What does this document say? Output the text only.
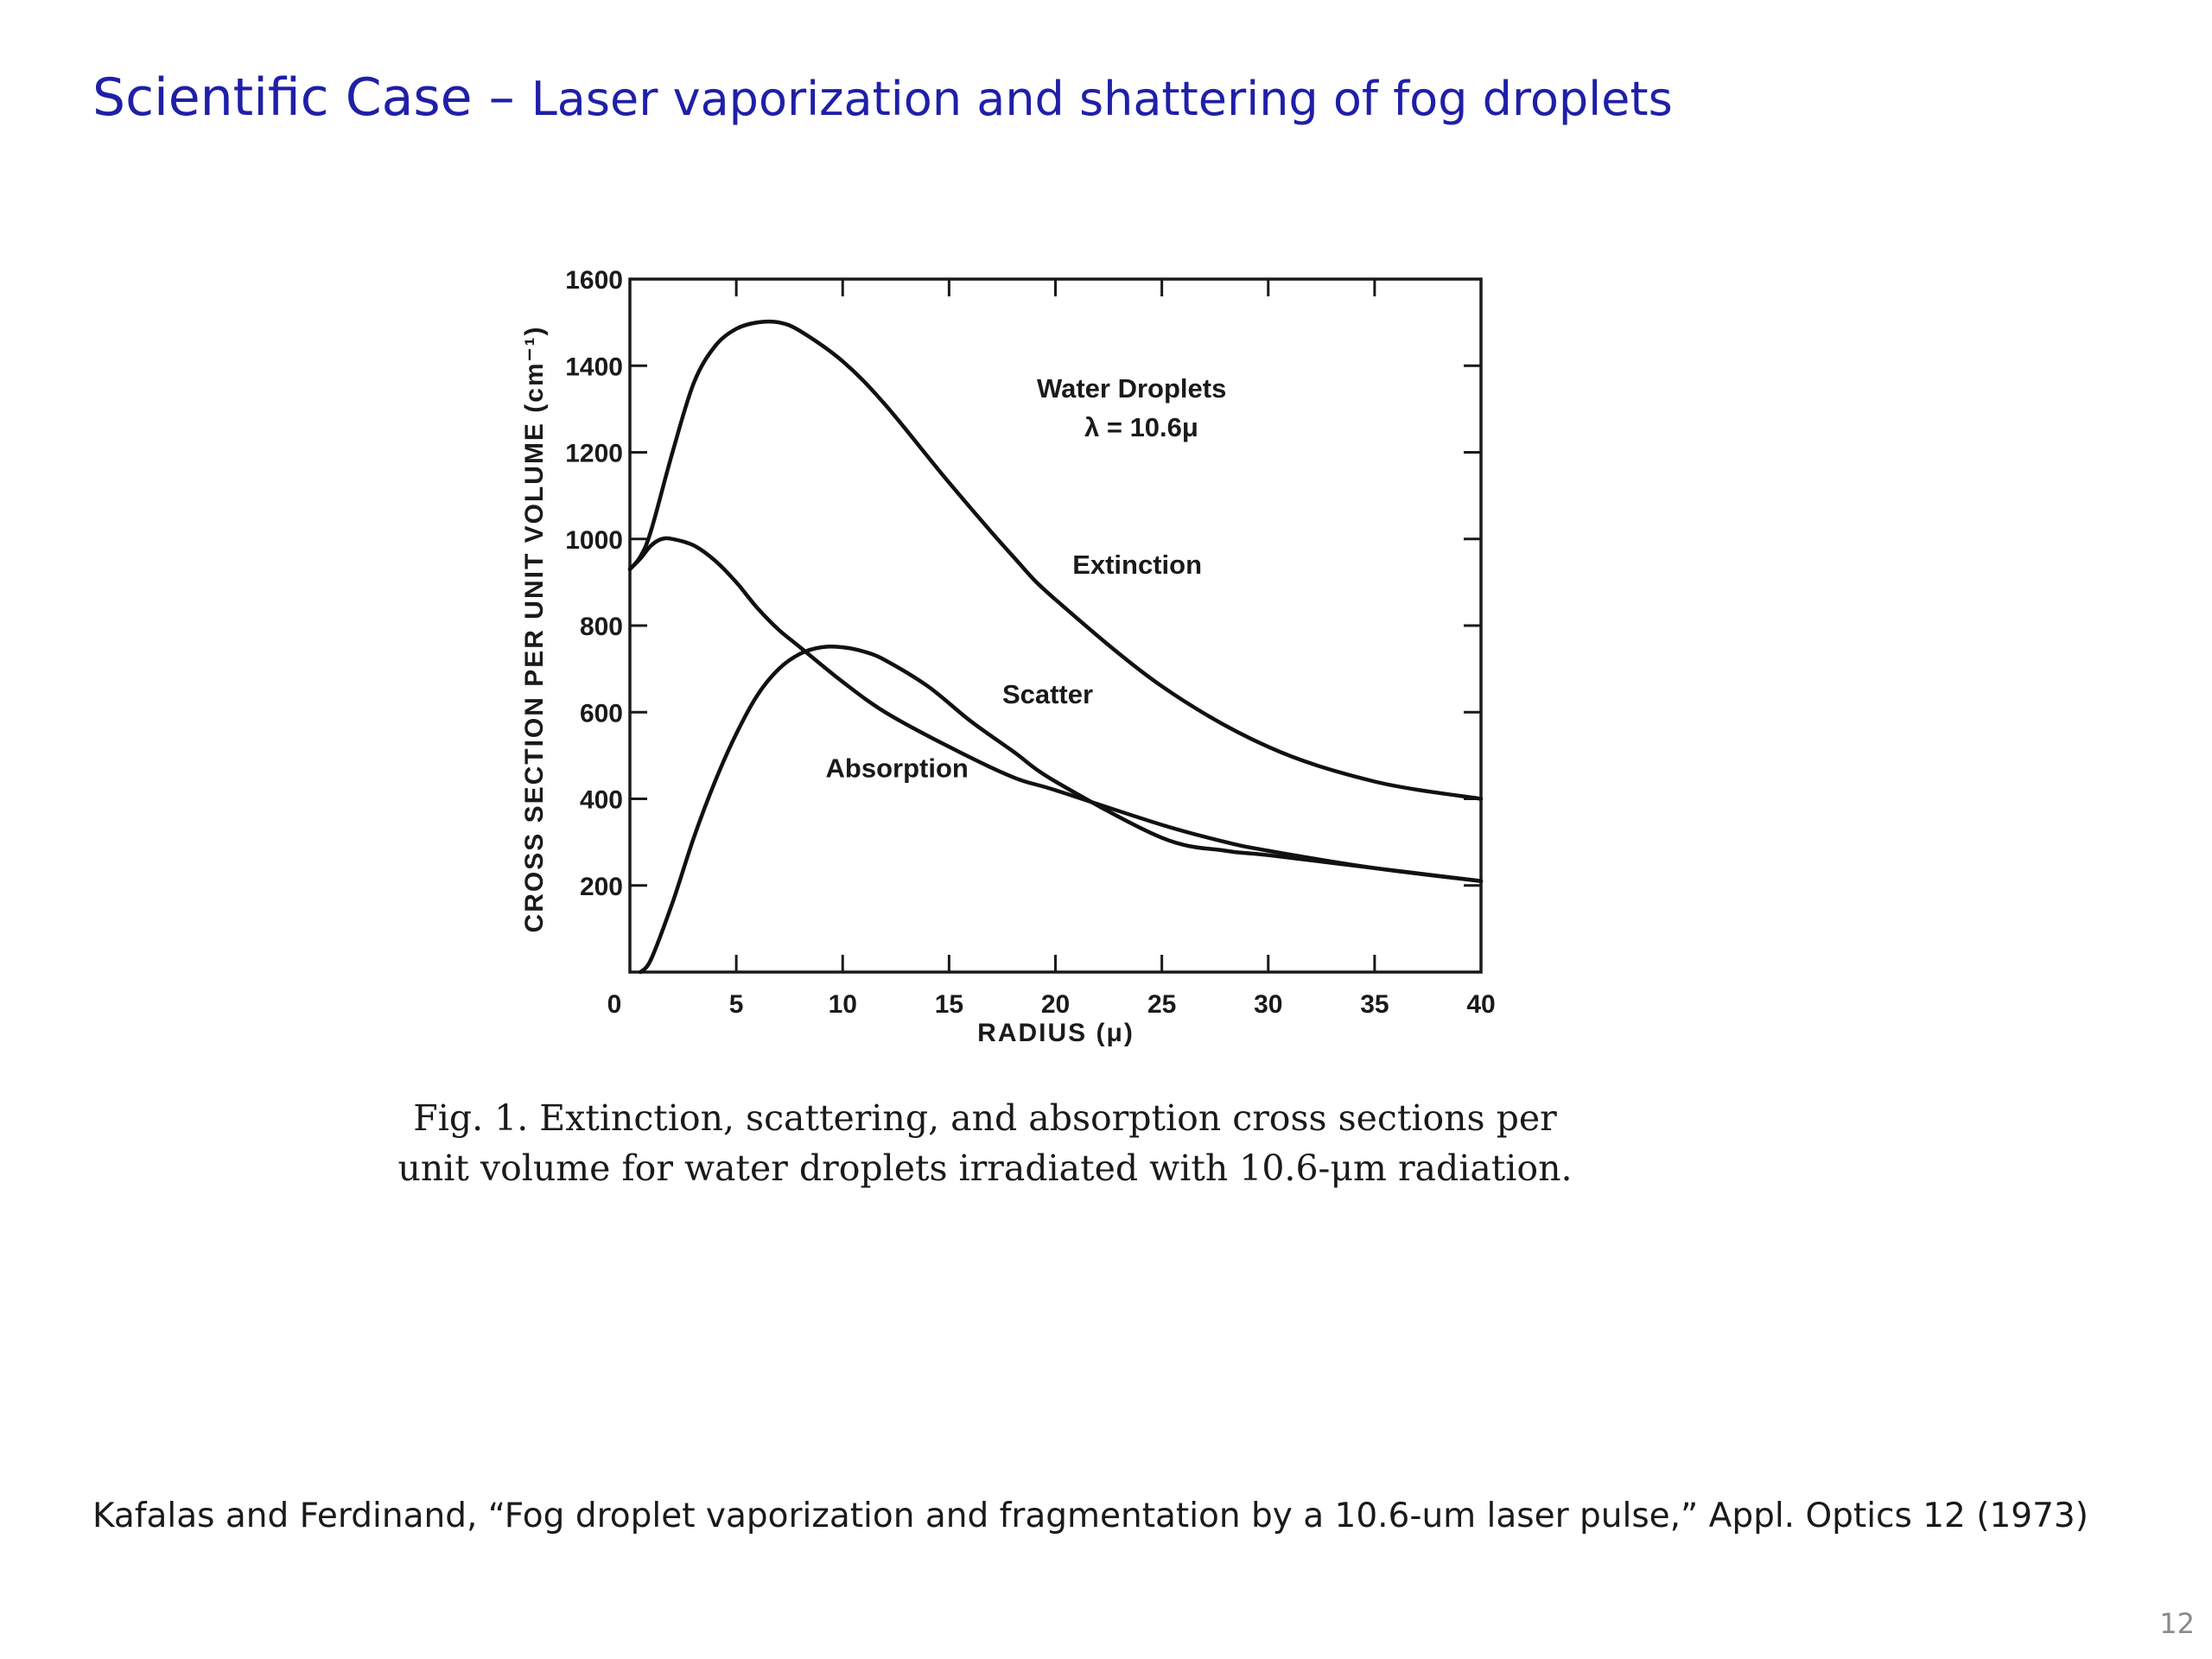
Scientific Case – Laser vaporization and shattering of fog droplets
0	5	10	15	20	25	30	35	40
200
400
600
800
1000
1200
1400
1600
Extinction
Scatter
Absorption
RADIUS (μ)
CROSS SECTION PER UNIT VOLUME (cm⁻¹)	Water Droplets
λ = 10.6μ
Fig. 1. Extinction, scattering, and absorption cross sections per
unit volume for water droplets irradiated with 10.6-μm radiation.
Kafalas and Ferdinand, “Fog droplet vaporization and fragmentation by a 10.6-um laser pulse,” Appl. Optics 12 (1973)
12
